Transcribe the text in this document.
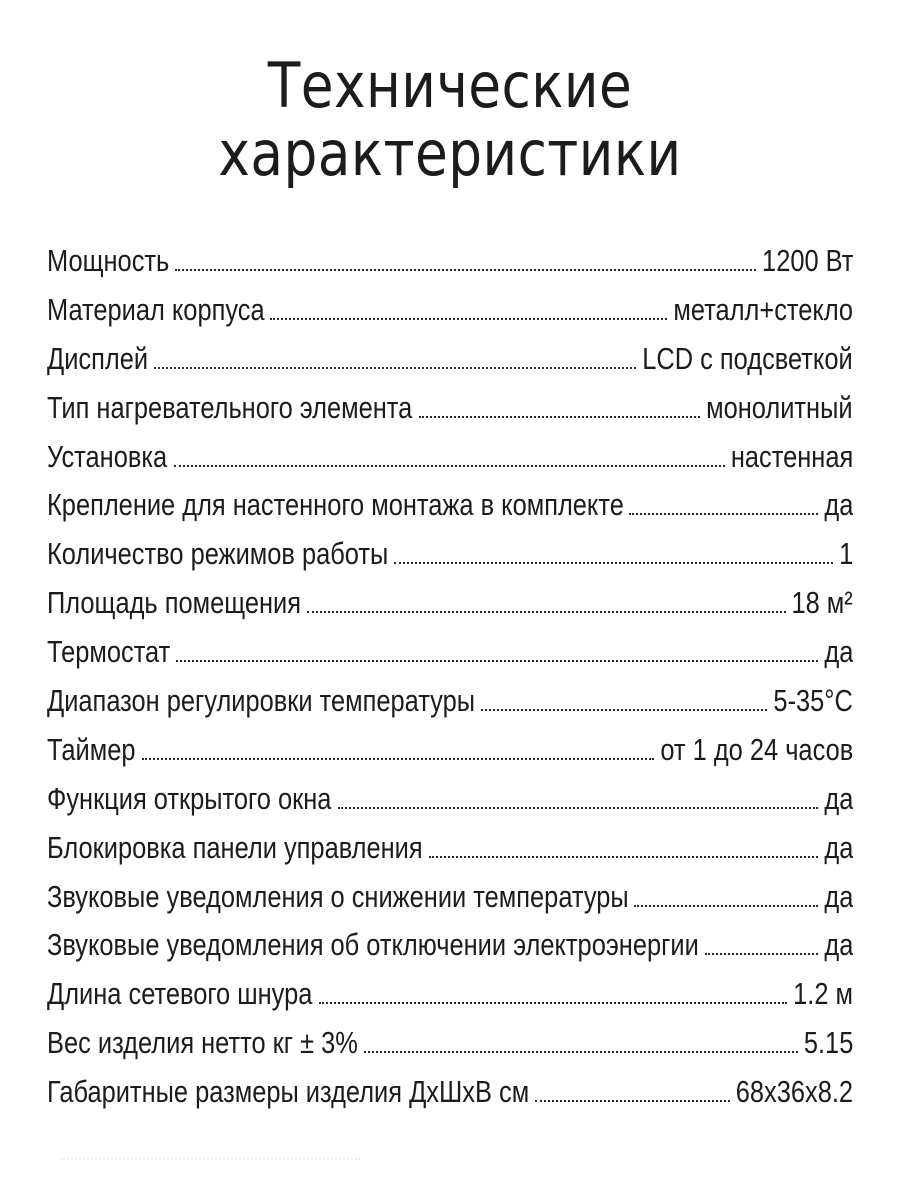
Технические
характеристики
Мощность	1200 Вт
Материал корпуса	металл+стекло
Дисплей	LCD с подсветкой
Тип нагревательного элемента	монолитный
Установка	настенная
Крепление для настенного монтажа в комплекте	да
Количество режимов работы	1
Площадь помещения	18 м²
Термостат	да
Диапазон регулировки температуры	5-35°C
Таймер	от 1 до 24 часов
Функция открытого окна	да
Блокировка панели управления	да
Звуковые уведомления о снижении температуры	да
Звуковые уведомления об отключении электроэнергии	да
Длина сетевого шнура	1.2 м
Вес изделия нетто кг ± 3%	5.15
Габаритные размеры изделия ДхШхВ см	68x36x8.2
